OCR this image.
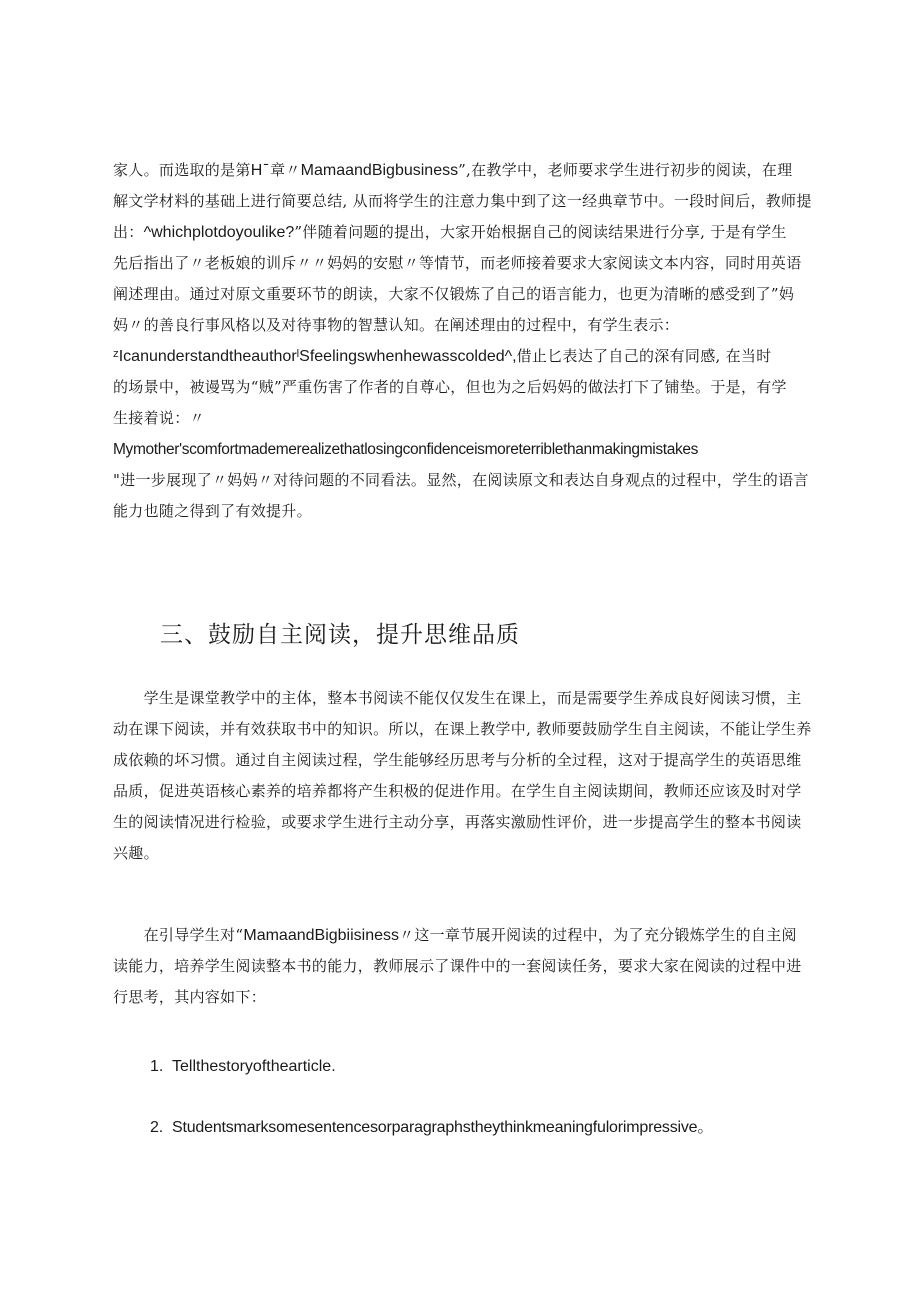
家人。而选取的是第Hˉ章〃MamaandBigbusiness”,在教学中，老师要求学生进行初步的阅读，在理
解文学材料的基础上进行简要总结, 从而将学生的注意力集中到了这一经典章节中。一段时间后，教师提
出：^whichplotdoyoulike?”伴随着问题的提出，大家开始根据自己的阅读结果进行分享, 于是有学生
先后指出了〃老板娘的训斥〃〃妈妈的安慰〃等情节，而老师接着要求大家阅读文本内容，同时用英语
阐述理由。通过对原文重要环节的朗读，大家不仅锻炼了自己的语言能力，也更为清晰的感受到了”妈
妈〃的善良行事风格以及对待事物的智慧认知。在阐述理由的过程中，有学生表示：
ᶻIcanunderstandtheauthorˡSfeelingswhenhewasscolded^,借止匕表达了自己的深有同感, 在当时
的场景中，被谩骂为“贼”严重伤害了作者的自尊心，但也为之后妈妈的做法打下了铺垫。于是，有学
生接着说：〃
Mymother'scomfortmademerealizethatlosingconfidenceismoreterriblethanmakingmistakes
"进一步展现了〃妈妈〃对待问题的不同看法。显然，在阅读原文和表达自身观点的过程中，学生的语言
能力也随之得到了有效提升。

三、鼓励自主阅读，提升思维品质

　　学生是课堂教学中的主体，整本书阅读不能仅仅发生在课上，而是需要学生养成良好阅读习惯，主
动在课下阅读，并有效获取书中的知识。所以，在课上教学中, 教师要鼓励学生自主阅读，不能让学生养
成依赖的坏习惯。通过自主阅读过程，学生能够经历思考与分析的全过程，这对于提高学生的英语思维
品质，促进英语核心素养的培养都将产生积极的促进作用。在学生自主阅读期间，教师还应该及时对学
生的阅读情况进行检验，或要求学生进行主动分享，再落实激励性评价，进一步提高学生的整本书阅读
兴趣。

　　在引导学生对“MamaandBigbiisiness〃这一章节展开阅读的过程中，为了充分锻炼学生的自主阅
读能力，培养学生阅读整本书的能力，教师展示了课件中的一套阅读任务，要求大家在阅读的过程中进
行思考，其内容如下：

1. Tellthestoryofthearticle.

2. Studentsmarksomesentencesorparagraphstheythinkmeaningfulorimpressive。
